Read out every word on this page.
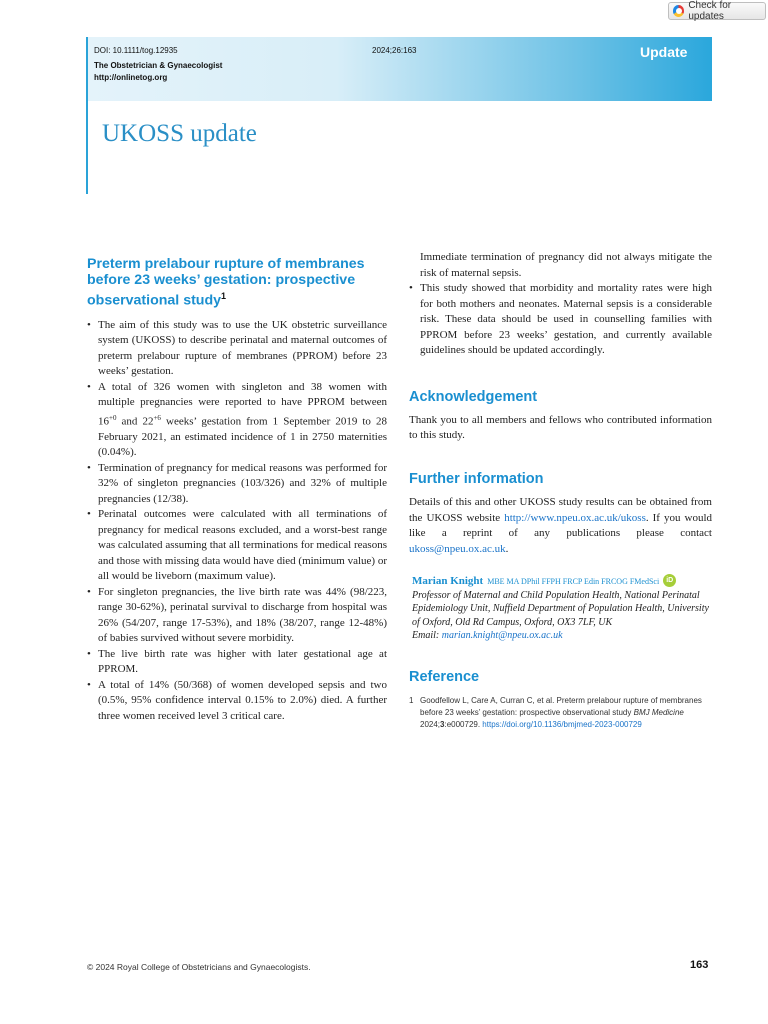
Check for updates
DOI: 10.1111/tog.12935
The Obstetrician & Gynaecologist
http://onlinetog.org
2024;26:163	Update
UKOSS update
Preterm prelabour rupture of membranes before 23 weeks’ gestation: prospective observational study$^1$
• The aim of this study was to use the UK obstetric surveillance system (UKOSS) to describe perinatal and maternal outcomes of preterm prelabour rupture of membranes (PPROM) before 23 weeks’ gestation.
• A total of 326 women with singleton and 38 women with multiple pregnancies were reported to have PPROM between $16^{+0}$ and $22^{+6}$ weeks’ gestation from 1 September 2019 to 28 February 2021, an estimated incidence of 1 in 2750 maternities (0.04%).
• Termination of pregnancy for medical reasons was performed for 32% of singleton pregnancies (103/326) and 32% of multiple pregnancies (12/38).
• Perinatal outcomes were calculated with all terminations of pregnancy for medical reasons excluded, and a worst-best range was calculated assuming that all terminations for medical reasons and those with missing data would have died (minimum value) or all would be liveborn (maximum value).
• For singleton pregnancies, the live birth rate was 44% (98/223, range 30-62%), perinatal survival to discharge from hospital was 26% (54/207, range 17-53%), and 18% (38/207, range 12-48%) of babies survived without severe morbidity.
• The live birth rate was higher with later gestational age at PPROM.
• A total of 14% (50/368) of women developed sepsis and two (0.5%, 95% confidence interval 0.15% to 2.0%) died. A further three women received level 3 critical care.
Immediate termination of pregnancy did not always mitigate the risk of maternal sepsis.
• This study showed that morbidity and mortality rates were high for both mothers and neonates. Maternal sepsis is a considerable risk. These data should be used in counselling families with PPROM before 23 weeks’ gestation, and currently available guidelines should be updated accordingly.
Acknowledgement
Thank you to all members and fellows who contributed information to this study.
Further information
Details of this and other UKOSS study results can be obtained from the UKOSS website http://www.npeu.ox.ac.uk/ukoss. If you would like a reprint of any publications please contact ukoss@npeu.ox.ac.uk.
Marian Knight MBE MA DPhil FFPH FRCP Edin FRCOG FMedSci iD
Professor of Maternal and Child Population Health, National Perinatal Epidemiology Unit, Nuffield Department of Population Health, University of Oxford, Old Rd Campus, Oxford, OX3 7LF, UK
Email: marian.knight@npeu.ox.ac.uk
Reference
1 Goodfellow L, Care A, Curran C, et al. Preterm prelabour rupture of membranes before 23 weeks’ gestation: prospective observational study BMJ Medicine 2024;3:e000729. https://doi.org/10.1136/bmjmed-2023-000729
© 2024 Royal College of Obstetricians and Gynaecologists.	163
